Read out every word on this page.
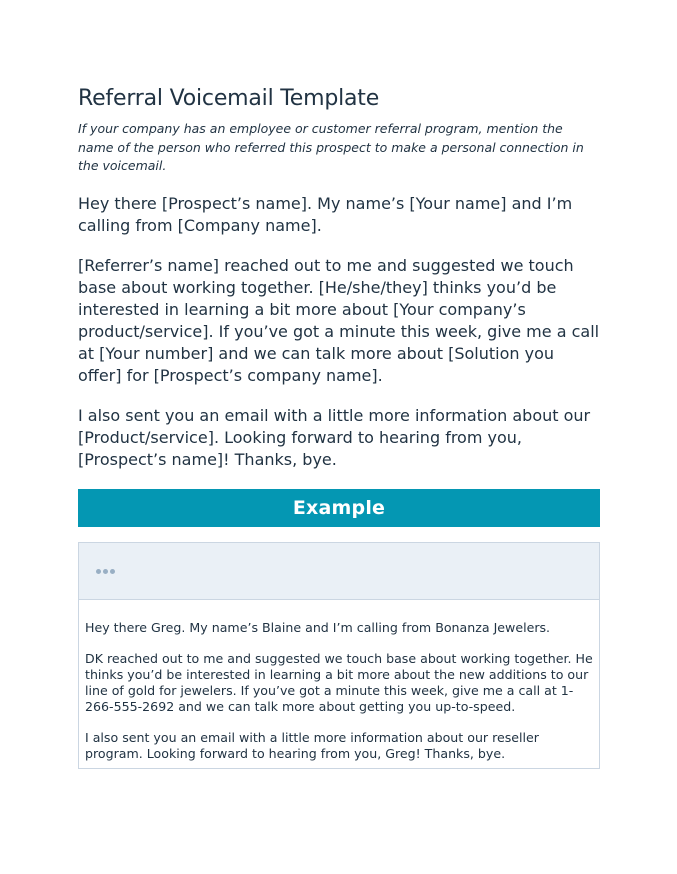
Referral Voicemail Template

If your company has an employee or customer referral program, mention the name of the person who referred this prospect to make a personal connection in the voicemail.

Hey there [Prospect’s name]. My name’s [Your name] and I’m calling from [Company name].

[Referrer’s name] reached out to me and suggested we touch base about working together. [He/she/they] thinks you’d be interested in learning a bit more about [Your company’s product/service]. If you’ve got a minute this week, give me a call at [Your number] and we can talk more about [Solution you offer] for [Prospect’s company name].

I also sent you an email with a little more information about our [Product/service]. Looking forward to hearing from you, [Prospect’s name]! Thanks, bye.

Example

Hey there Greg. My name’s Blaine and I’m calling from Bonanza Jewelers.

DK reached out to me and suggested we touch base about working together. He thinks you’d be interested in learning a bit more about the new additions to our line of gold for jewelers. If you’ve got a minute this week, give me a call at 1-266-555-2692 and we can talk more about getting you up-to-speed.

I also sent you an email with a little more information about our reseller program. Looking forward to hearing from you, Greg! Thanks, bye.
